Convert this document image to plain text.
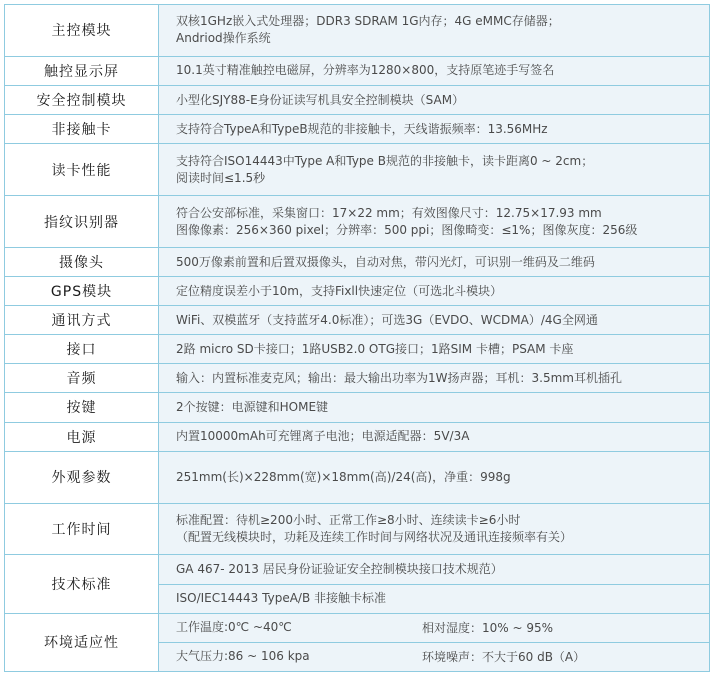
主控模块	双核1GHz嵌入式处理器；DDR3 SDRAM 1G内存；4G eMMC存储器；
Andriod操作系统

触控显示屏	10.1英寸精准触控电磁屏，分辨率为1280×800，支持原笔迹手写签名

安全控制模块	小型化SJY88-E身份证读写机具安全控制模块（SAM）

非接触卡	支持符合TypeA和TypeB规范的非接触卡，天线谐振频率：13.56MHz

读卡性能	支持符合ISO14443中Type A和Type B规范的非接触卡，读卡距离0 ~ 2cm；
阅读时间≤1.5秒

指纹识别器	符合公安部标准，采集窗口：17×22 mm；有效图像尺寸：12.75×17.93 mm
图像像素：256×360 pixel；分辨率：500 ppi；图像畸变：≤1%；图像灰度：256级

摄像头	500万像素前置和后置双摄像头，自动对焦，带闪光灯，可识别一维码及二维码

GPS模块	定位精度误差小于10m，支持Fixll快速定位（可选北斗模块）

通讯方式	WiFi、双模蓝牙（支持蓝牙4.0标准）；可选3G（EVDO、WCDMA）/4G全网通

接口	2路 micro SD卡接口；1路USB2.0 OTG接口；1路SIM 卡槽；PSAM 卡座

音频	输入：内置标准麦克风；输出：最大输出功率为1W扬声器；耳机：3.5mm耳机插孔

按键	2个按键：电源键和HOME键

电源	内置10000mAh可充锂离子电池；电源适配器：5V/3A

外观参数	251mm(长)×228mm(宽)×18mm(高)/24(高)，净重：998g

工作时间	标准配置：待机≥200小时、正常工作≥8小时、连续读卡≥6小时
（配置无线模块时，功耗及连续工作时间与网络状况及通讯连接频率有关）

技术标准	GA 467- 2013 居民身份证验证安全控制模块接口技术规范）

	ISO/IEC14443 TypeA/B 非接触卡标准

环境适应性	工作温度:0℃ ~40℃ 相对湿度：10% ~ 95%

	大气压力:86 ~ 106 kpa 环境噪声：不大于60 dB（A）
